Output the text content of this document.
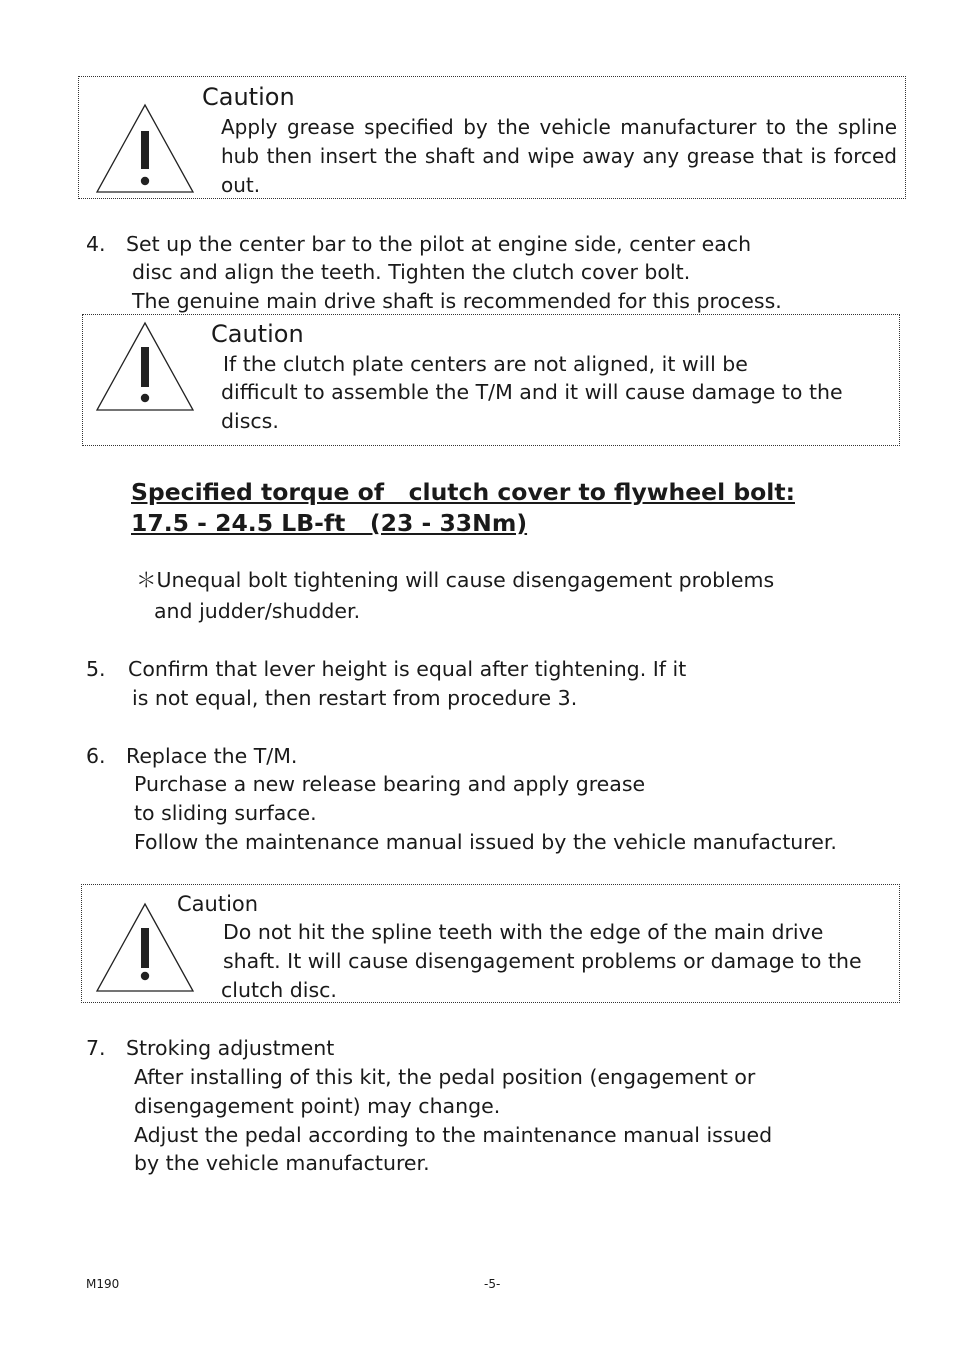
Caution

Apply grease specified by the vehicle manufacturer to the spline hub then insert the shaft and wipe away any grease that is forced out.

4. Set up the center bar to the pilot at engine side, center each
disc and align the teeth. Tighten the clutch cover bolt.
The genuine main drive shaft is recommended for this process.
Caution
If the clutch plate centers are not aligned, it will be
difficult to assemble the T/M and it will cause damage to the
discs.
Specified torque of   clutch cover to flywheel bolt:
17.5 - 24.5 LB-ft   (23 - 33Nm)
＊Unequal bolt tightening will cause disengagement problems
and judder/shudder.
5. Confirm that lever height is equal after tightening. If it
is not equal, then restart from procedure 3.
6. Replace the T/M.
Purchase a new release bearing and apply grease
to sliding surface.
Follow the maintenance manual issued by the vehicle manufacturer.
Caution
Do not hit the spline teeth with the edge of the main drive
shaft. It will cause disengagement problems or damage to the
clutch disc.
7. Stroking adjustment
After installing of this kit, the pedal position (engagement or
disengagement point) may change.
Adjust the pedal according to the maintenance manual issued
by the vehicle manufacturer.
M190	-5-
